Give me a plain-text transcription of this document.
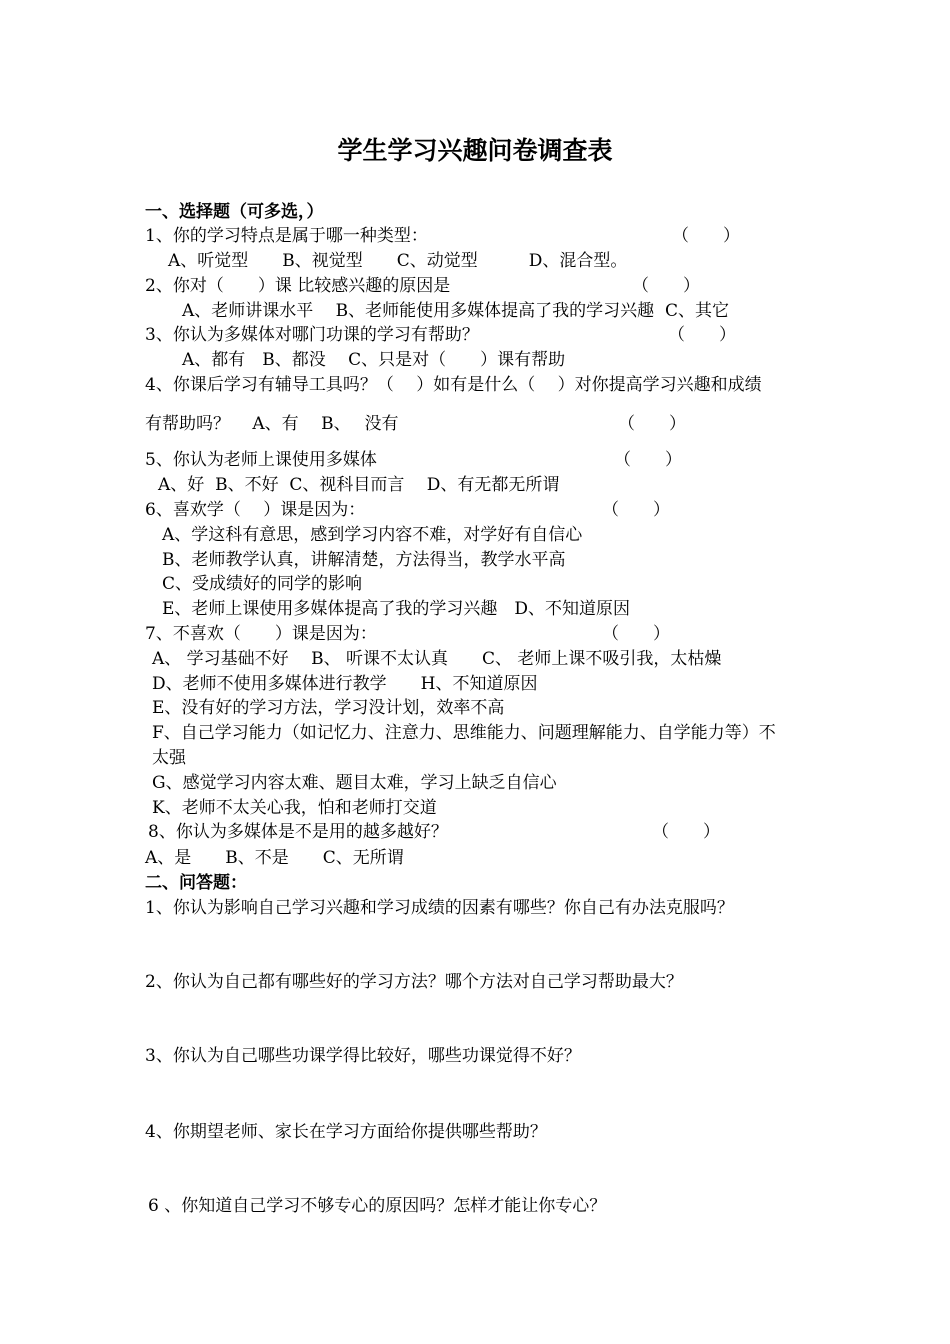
学生学习兴趣问卷调查表
一、选择题（可多选，）
1、你的学习特点是属于哪一种类型：	（　　）
A、听觉型　　B、视觉型　　C、动觉型　　　D、混合型。
2、你对（　　）课 比较感兴趣的原因是	（　　）
A、老师讲课水平　 B、老师能使用多媒体提高了我的学习兴趣  C、其它
3、你认为多媒体对哪门功课的学习有帮助？	（　　）
A、都有　B、都没　 C、只是对（　　）课有帮助
4、你课后学习有辅导工具吗？（　 ）如有是什么（　 ）对你提高学习兴趣和成绩
有帮助吗？　 A、有　 B、　 没有	（　　）
5、你认为老师上课使用多媒体	（　　）
A、好  B、不好  C、视科目而言　 D、有无都无所谓
6、喜欢学（　 ）课是因为：	（　　）
A、学这科有意思，感到学习内容不难，对学好有自信心
B、老师教学认真，讲解清楚，方法得当，教学水平高
C、受成绩好的同学的影响
E、老师上课使用多媒体提高了我的学习兴趣　D、不知道原因
7、不喜欢（　　）课是因为：	（　　）
A、 学习基础不好　 B、 听课不太认真　　C、 老师上课不吸引我，太枯燥
D、老师不使用多媒体进行教学　　H、不知道原因
E、没有好的学习方法，学习没计划，效率不高
F、自己学习能力（如记忆力、注意力、思维能力、问题理解能力、自学能力等）不
太强
G、感觉学习内容太难、题目太难，学习上缺乏自信心
K、老师不太关心我，怕和老师打交道
8、你认为多媒体是不是用的越多越好？	（　　）
A、是　　B、不是　　C、无所谓
二、问答题：
1、你认为影响自己学习兴趣和学习成绩的因素有哪些？你自己有办法克服吗？
2、你认为自己都有哪些好的学习方法？哪个方法对自己学习帮助最大？
3、你认为自己哪些功课学得比较好，哪些功课觉得不好？
4、你期望老师、家长在学习方面给你提供哪些帮助？
6 、你知道自己学习不够专心的原因吗？怎样才能让你专心？
